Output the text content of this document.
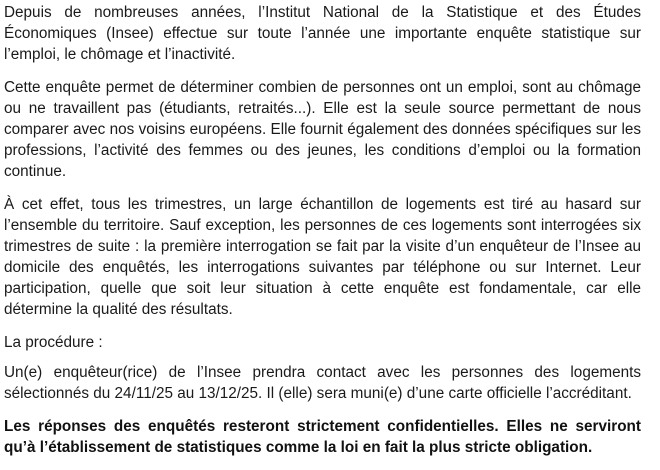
Depuis de nombreuses années, l’Institut National de la Statistique et des Études Économiques (Insee) effectue sur toute l’année une importante enquête statistique sur l’emploi, le chômage et l’inactivité.

Cette enquête permet de déterminer combien de personnes ont un emploi, sont au chômage ou ne travaillent pas (étudiants, retraités...). Elle est la seule source permettant de nous comparer avec nos voisins européens. Elle fournit également des données spécifiques sur les professions, l’activité des femmes ou des jeunes, les conditions d’emploi ou la formation continue.

À cet effet, tous les trimestres, un large échantillon de logements est tiré au hasard sur l’ensemble du territoire. Sauf exception, les personnes de ces logements sont interrogées six trimestres de suite : la première interrogation se fait par la visite d’un enquêteur de l’Insee au domicile des enquêtés, les interrogations suivantes par téléphone ou sur Internet. Leur participation, quelle que soit leur situation à cette enquête est fondamentale, car elle détermine la qualité des résultats.

La procédure :

Un(e) enquêteur(rice) de l’Insee prendra contact avec les personnes des logements sélectionnés du 24/11/25 au 13/12/25. Il (elle) sera muni(e) d’une carte officielle l’accréditant.

Les réponses des enquêtés resteront strictement confidentielles. Elles ne serviront qu’à l’établissement de statistiques comme la loi en fait la plus stricte obligation.
